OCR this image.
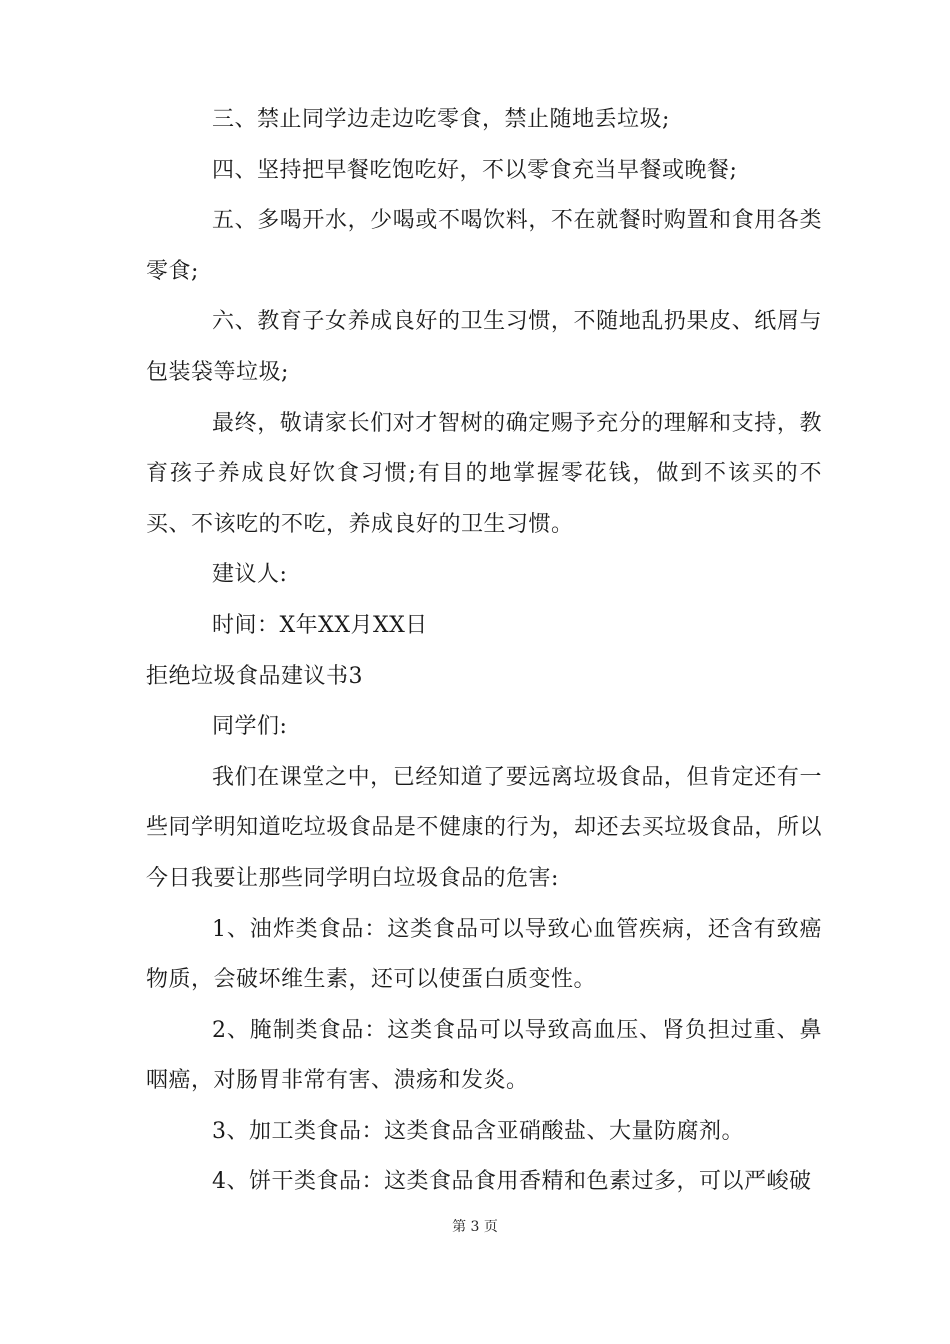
三、禁止同学边走边吃零食，禁止随地丢垃圾;

四、坚持把早餐吃饱吃好，不以零食充当早餐或晚餐;

五、多喝开水，少喝或不喝饮料，不在就餐时购置和食用各类零食;

六、教育子女养成良好的卫生习惯，不随地乱扔果皮、纸屑与包装袋等垃圾;

最终，敬请家长们对才智树的确定赐予充分的理解和支持，教育孩子养成良好饮食习惯;有目的地掌握零花钱，做到不该买的不买、不该吃的不吃，养成良好的卫生习惯。

建议人:

时间：X年XX月XX日

拒绝垃圾食品建议书3

同学们:

我们在课堂之中，已经知道了要远离垃圾食品，但肯定还有一些同学明知道吃垃圾食品是不健康的行为，却还去买垃圾食品，所以今日我要让那些同学明白垃圾食品的危害:

1、油炸类食品：这类食品可以导致心血管疾病，还含有致癌物质，会破坏维生素，还可以使蛋白质变性。

2、腌制类食品：这类食品可以导致高血压、肾负担过重、鼻咽癌，对肠胃非常有害、溃疡和发炎。

3、加工类食品：这类食品含亚硝酸盐、大量防腐剂。

4、饼干类食品：这类食品食用香精和色素过多，可以严峻破

第 3 页
